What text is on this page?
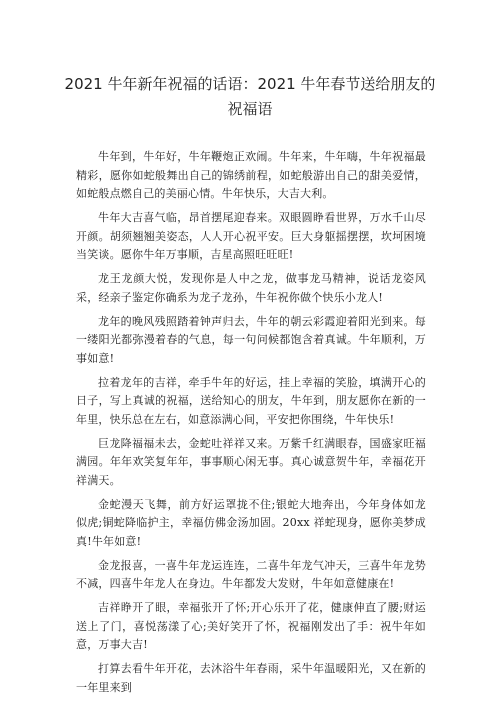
2021 牛年新年祝福的话语：2021 牛年春节送给朋友的祝福语

牛年到，牛年好，牛年鞭炮正欢闹。牛年来，牛年嗨，牛年祝福最精彩，愿你如蛇般舞出自己的锦绣前程，如蛇般游出自己的甜美爱情，如蛇般点燃自己的美丽心情。牛年快乐，大吉大利。

牛年大吉喜气临，昂首摆尾迎春来。双眼圆睁看世界，万水千山尽开颜。胡须翘翘美姿态，人人开心祝平安。巨大身躯摇摆摆，坎坷困境当笑谈。愿你牛年万事顺，吉星高照旺旺旺!

龙王龙颜大悦，发现你是人中之龙，做事龙马精神，说话龙姿风采，经亲子鉴定你确系为龙子龙孙，牛年祝你做个快乐小龙人!

龙年的晚风残照踏着钟声归去，牛年的朝云彩霞迎着阳光到来。每一缕阳光都弥漫着春的气息，每一句问候都饱含着真诚。牛年顺利，万事如意!

拉着龙年的吉祥，牵手牛年的好运，挂上幸福的笑脸，填满开心的日子，写上真诚的祝福，送给知心的朋友，牛年到，朋友愿你在新的一年里，快乐总在左右，如意添满心间，平安把你围绕，牛年快乐!

巨龙降福福未去，金蛇吐祥祥又来。万紫千红满眼春，国盛家旺福满园。年年欢笑复年年，事事顺心闲无事。真心诚意贺牛年，幸福花开祥满天。

金蛇漫天飞舞，前方好运罩拢不住;银蛇大地奔出，今年身体如龙似虎;铜蛇降临护主，幸福仿佛金汤加固。20xx 祥蛇现身，愿你美梦成真!牛年如意!

金龙报喜，一喜牛年龙运连连，二喜牛年龙气冲天，三喜牛年龙势不减，四喜牛年龙人在身边。牛年都发大发财，牛年如意健康在!

吉祥睁开了眼，幸福张开了怀;开心乐开了花，健康伸直了腰;财运送上了门，喜悦荡漾了心;美好笑开了怀，祝福刚发出了手：祝牛年如意，万事大吉!

打算去看牛年开花，去沐浴牛年春雨，采牛年温暖阳光，又在新的一年里来到
